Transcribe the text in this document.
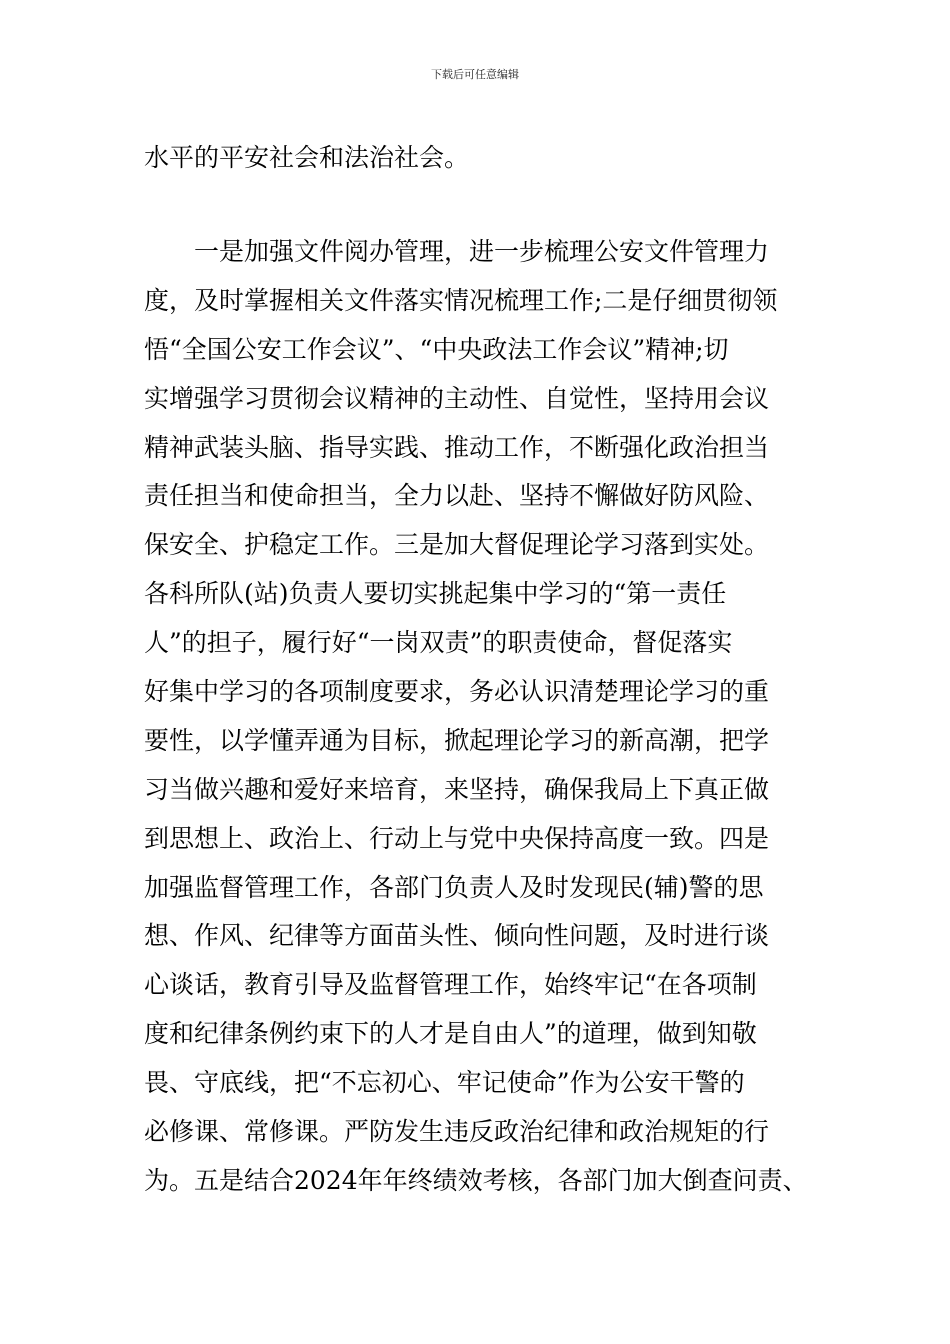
下载后可任意编辑
水平的平安社会和法治社会。
一是加强文件阅办管理，进一步梳理公安文件管理力
度，及时掌握相关文件落实情况梳理工作;二是仔细贯彻领
悟“全国公安工作会议”、“中央政法工作会议”精神;切
实增强学习贯彻会议精神的主动性、自觉性，坚持用会议
精神武装头脑、指导实践、推动工作，不断强化政治担当
责任担当和使命担当，全力以赴、坚持不懈做好防风险、
保安全、护稳定工作。三是加大督促理论学习落到实处。
各科所队(站)负责人要切实挑起集中学习的“第一责任
人”的担子，履行好“一岗双责”的职责使命，督促落实
好集中学习的各项制度要求，务必认识清楚理论学习的重
要性，以学懂弄通为目标，掀起理论学习的新高潮，把学
习当做兴趣和爱好来培育，来坚持，确保我局上下真正做
到思想上、政治上、行动上与党中央保持高度一致。四是
加强监督管理工作，各部门负责人及时发现民(辅)警的思
想、作风、纪律等方面苗头性、倾向性问题，及时进行谈
心谈话，教育引导及监督管理工作，始终牢记“在各项制
度和纪律条例约束下的人才是自由人”的道理，做到知敬
畏、守底线，把“不忘初心、牢记使命”作为公安干警的
必修课、常修课。严防发生违反政治纪律和政治规矩的行
为。五是结合2024年年终绩效考核，各部门加大倒查问责、
